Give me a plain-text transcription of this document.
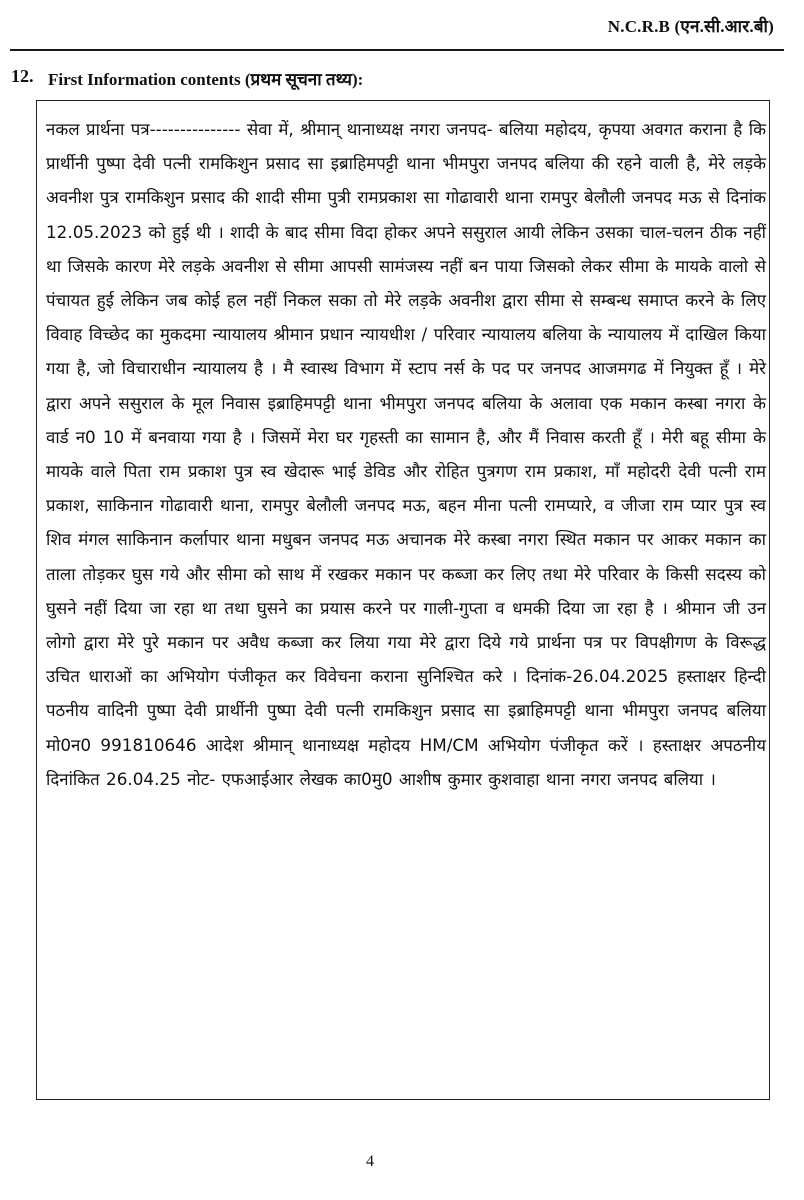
N.C.R.B (एन.सी.आर.बी)
12. First Information contents (प्रथम सूचना तथ्य):

नकल प्रार्थना पत्र--------------- सेवा में, श्रीमान् थानाध्यक्ष नगरा जनपद- बलिया महोदय, कृपया अवगत कराना है कि प्रार्थीनी पुष्पा देवी पत्नी रामकिशुन प्रसाद सा इब्राहिमपट्टी थाना भीमपुरा जनपद बलिया की रहने वाली है, मेरे लड़के अवनीश पुत्र रामकिशुन प्रसाद की शादी सीमा पुत्री रामप्रकाश सा गोढावारी थाना रामपुर बेलौली जनपद मऊ से दिनांक 12.05.2023 को हुई थी । शादी के बाद सीमा विदा होकर अपने ससुराल आयी लेकिन उसका चाल-चलन ठीक नहीं था जिसके कारण मेरे लड़के अवनीश से सीमा आपसी सामंजस्य नहीं बन पाया जिसको लेकर सीमा के मायके वालो से पंचायत हुई लेकिन जब कोई हल नहीं निकल सका तो मेरे लड़के अवनीश द्वारा सीमा से सम्बन्ध समाप्त करने के लिए विवाह विच्छेद का मुकदमा न्यायालय श्रीमान प्रधान न्यायधीश / परिवार न्यायालय बलिया के न्यायालय में दाखिल किया गया है, जो विचाराधीन न्यायालय है । मै स्वास्थ विभाग में स्टाप नर्स के पद पर जनपद आजमगढ में नियुक्त हूँ । मेरे द्वारा अपने ससुराल के मूल निवास इब्राहिमपट्टी थाना भीमपुरा जनपद बलिया के अलावा एक मकान कस्बा नगरा के वार्ड न0 10 में बनवाया गया है । जिसमें मेरा घर गृहस्ती का सामान है, और मैं निवास करती हूँ । मेरी बहू सीमा के मायके वाले पिता राम प्रकाश पुत्र स्व खेदारू भाई डेविड और रोहित पुत्रगण राम प्रकाश, माँ महोदरी देवी पत्नी राम प्रकाश, साकिनान गोढावारी थाना, रामपुर बेलौली जनपद मऊ, बहन मीना पत्नी रामप्यारे, व जीजा राम प्यार पुत्र स्व शिव मंगल साकिनान कर्लापार थाना मधुबन जनपद मऊ अचानक मेरे कस्बा नगरा स्थित मकान पर आकर मकान का ताला तोड़कर घुस गये और सीमा को साथ में रखकर मकान पर कब्जा कर लिए तथा मेरे परिवार के किसी सदस्य को घुसने नहीं दिया जा रहा था तथा घुसने का प्रयास करने पर गाली-गुप्ता व धमकी दिया जा रहा है । श्रीमान जी उन लोगो द्वारा मेरे पुरे मकान पर अवैध कब्जा कर लिया गया मेरे द्वारा दिये गये प्रार्थना पत्र पर विपक्षीगण के विरूद्ध उचित धाराओं का अभियोग पंजीकृत कर विवेचना कराना सुनिश्चित करे । दिनांक-26.04.2025 हस्ताक्षर हिन्दी पठनीय वादिनी पुष्पा देवी प्रार्थीनी पुष्पा देवी पत्नी रामकिशुन प्रसाद सा इब्राहिमपट्टी थाना भीमपुरा जनपद बलिया मो0न0 991810646 आदेश श्रीमान् थानाध्यक्ष महोदय HM/CM अभियोग पंजीकृत करें । हस्ताक्षर अपठनीय दिनांकित 26.04.25 नोट- एफआईआर लेखक का0मु0 आशीष कुमार कुशवाहा थाना नगरा जनपद बलिया ।

4
